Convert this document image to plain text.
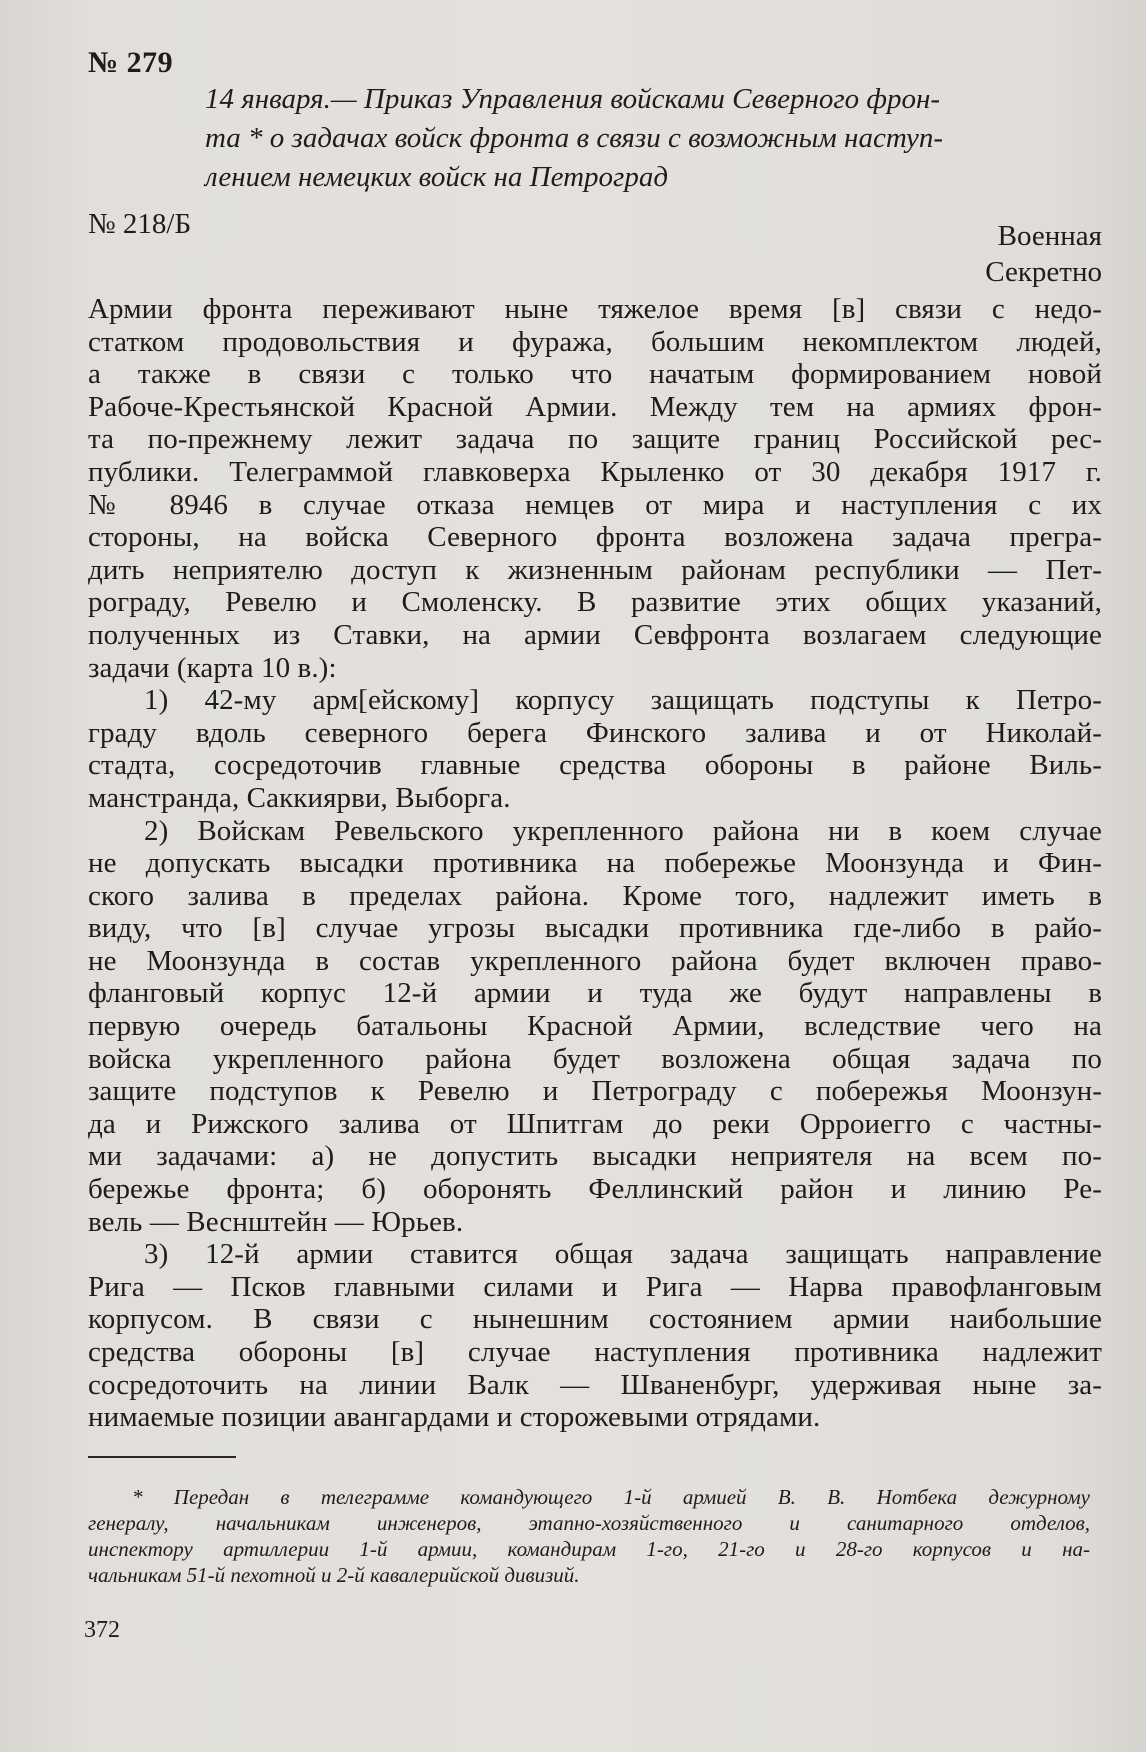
№ 279
14 января.— Приказ Управления войсками Северного фрон-
та * о задачах войск фронта в связи с возможным наступ-
лением немецких войск на Петроград
№ 218/Б	Военная
Секретно
Армии фронта переживают ныне тяжелое время [в] связи с недо-
статком продовольствия и фуража, большим некомплектом людей,
а также в связи с только что начатым формированием новой
Рабоче-Крестьянской Красной Армии. Между тем на армиях фрон-
та по-прежнему лежит задача по защите границ Российской рес-
публики. Телеграммой главковерха Крыленко от 30 декабря 1917 г.
№ 8946 в случае отказа немцев от мира и наступления с их
стороны, на войска Северного фронта возложена задача прегра-
дить неприятелю доступ к жизненным районам республики — Пет-
рограду, Ревелю и Смоленску. В развитие этих общих указаний,
полученных из Ставки, на армии Севфронта возлагаем следующие
задачи (карта 10 в.):
1) 42-му арм[ейскому] корпусу защищать подступы к Петро-
граду вдоль северного берега Финского залива и от Николай-
стадта, сосредоточив главные средства обороны в районе Виль-
манстранда, Саккиярви, Выборга.
2) Войскам Ревельского укрепленного района ни в коем случае
не допускать высадки противника на побережье Моонзунда и Фин-
ского залива в пределах района. Кроме того, надлежит иметь в
виду, что [в] случае угрозы высадки противника где-либо в райо-
не Моонзунда в состав укрепленного района будет включен право-
фланговый корпус 12-й армии и туда же будут направлены в
первую очередь батальоны Красной Армии, вследствие чего на
войска укрепленного района будет возложена общая задача по
защите подступов к Ревелю и Петрограду с побережья Моонзун-
да и Рижского залива от Шпитгам до реки Орроиегго с частны-
ми задачами: а) не допустить высадки неприятеля на всем по-
бережье фронта; б) оборонять Феллинский район и линию Ре-
вель — Веснштейн — Юрьев.
3) 12-й армии ставится общая задача защищать направление
Рига — Псков главными силами и Рига — Нарва правофланговым
корпусом. В связи с нынешним состоянием армии наибольшие
средства обороны [в] случае наступления противника надлежит
сосредоточить на линии Валк — Шваненбург, удерживая ныне за-
нимаемые позиции авангардами и сторожевыми отрядами.
* Передан в телеграмме командующего 1-й армией В. В. Нотбека дежурному
генералу, начальникам инженеров, этапно-хозяйственного и санитарного отделов,
инспектору артиллерии 1-й армии, командирам 1-го, 21-го и 28-го корпусов и на-
чальникам 51-й пехотной и 2-й кавалерийской дивизий.
372
